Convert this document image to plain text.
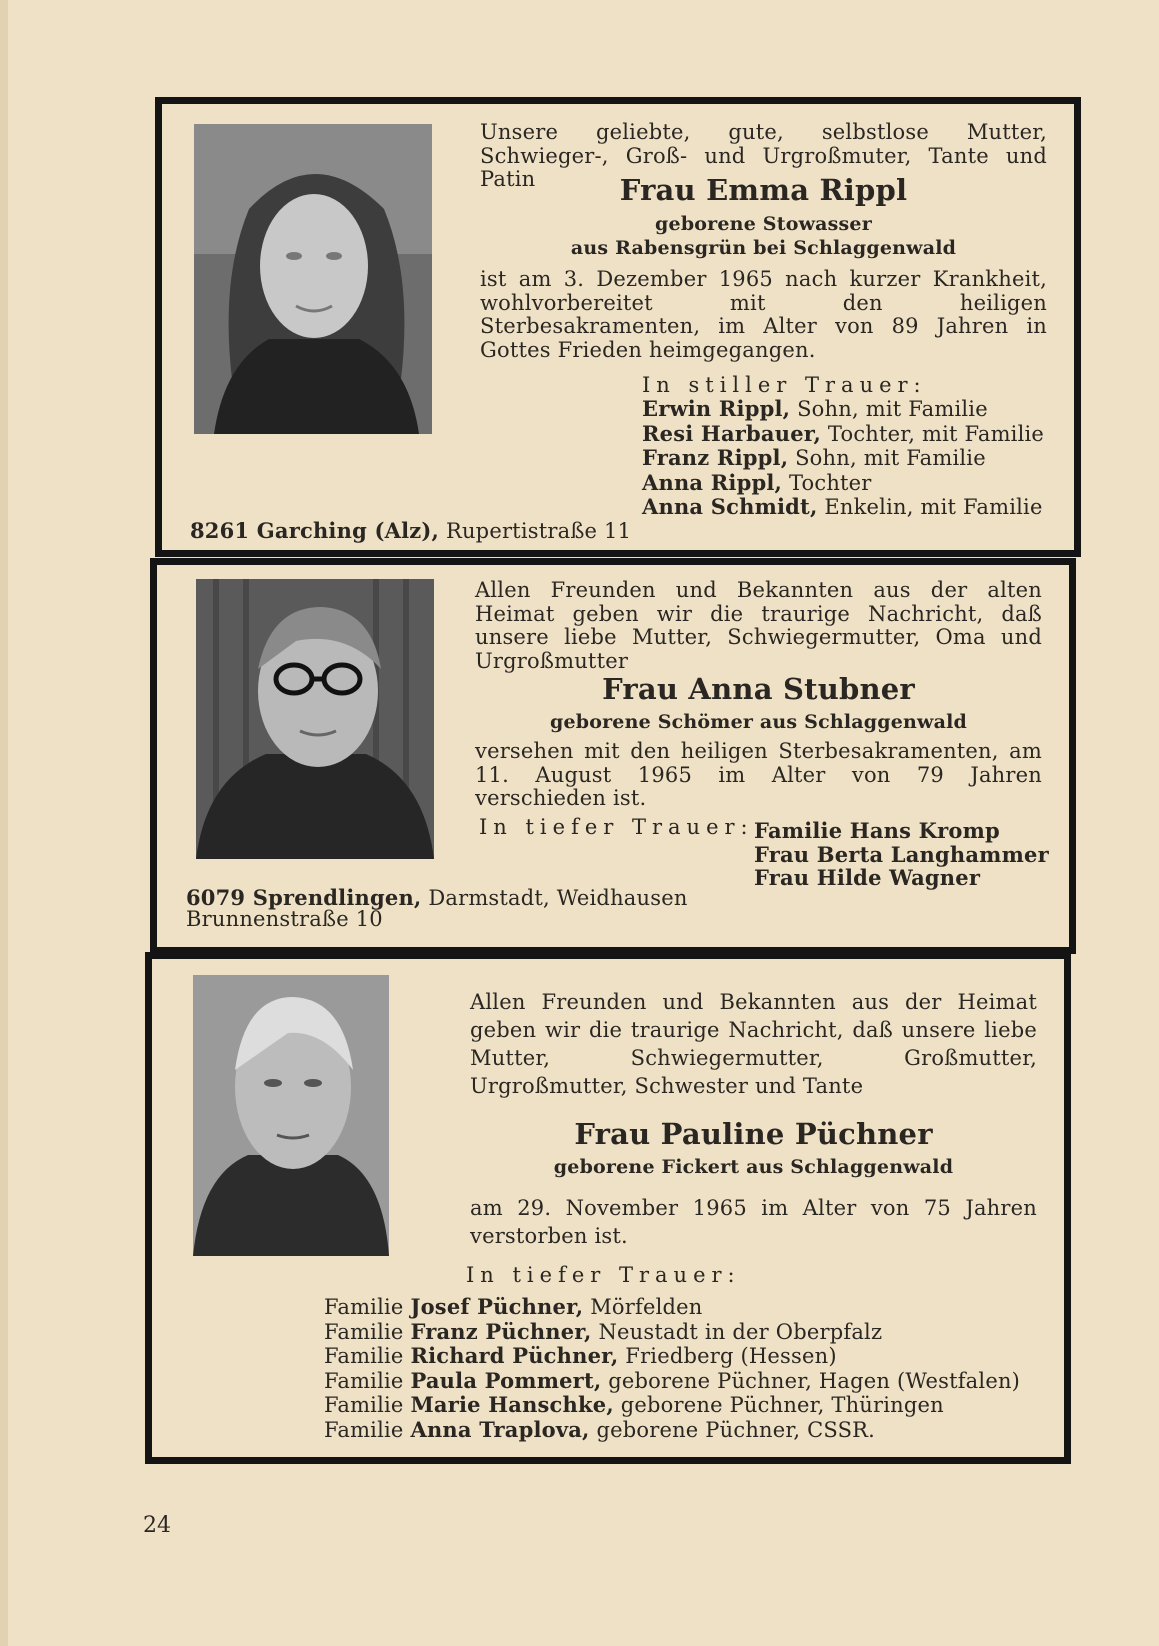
Unsere geliebte, gute, selbstlose Mutter, Schwieger-, Groß- und Urgroßmuter, Tante und Patin	Frau Emma Rippl

geborene Stowasser

aus Rabensgrün bei Schlaggenwald

ist am 3. Dezember 1965 nach kurzer Krankheit, wohlvorbereitet mit den heiligen Sterbesakramenten, im Alter von 89 Jahren in Gottes Frieden heimgegangen.

In stiller Trauer:

Erwin Rippl, Sohn, mit Familie
Resi Harbauer, Tochter, mit Familie
Franz Rippl, Sohn, mit Familie
Anna Rippl, Tochter
Anna Schmidt, Enkelin, mit Familie

8261 Garching (Alz), Rupertistraße 11

Allen Freunden und Bekannten aus der alten Heimat geben wir die traurige Nachricht, daß unsere liebe Mutter, Schwiegermutter, Oma und Urgroßmutter

Frau Anna Stubner

geborene Schömer aus Schlaggenwald

versehen mit den heiligen Sterbesakramenten, am 11. August 1965 im Alter von 79 Jahren verschieden ist.

In tiefer Trauer: Familie Hans Kromp
Frau Berta Langhammer
Frau Hilde Wagner

6079 Sprendlingen, Darmstadt, Weidhausen

Brunnenstraße 10

Allen Freunden und Bekannten aus der Heimat geben wir die traurige Nachricht, daß unsere liebe Mutter, Schwiegermutter, Großmutter, Urgroßmutter, Schwester und Tante

Frau Pauline Püchner

geborene Fickert aus Schlaggenwald

am 29. November 1965 im Alter von 75 Jahren verstorben ist.

In tiefer Trauer:

Familie Josef Püchner, Mörfelden
Familie Franz Püchner, Neustadt in der Oberpfalz
Familie Richard Püchner, Friedberg (Hessen)
Familie Paula Pommert, geborene Püchner, Hagen (Westfalen)
Familie Marie Hanschke, geborene Püchner, Thüringen
Familie Anna Traplova, geborene Püchner, CSSR.

24
